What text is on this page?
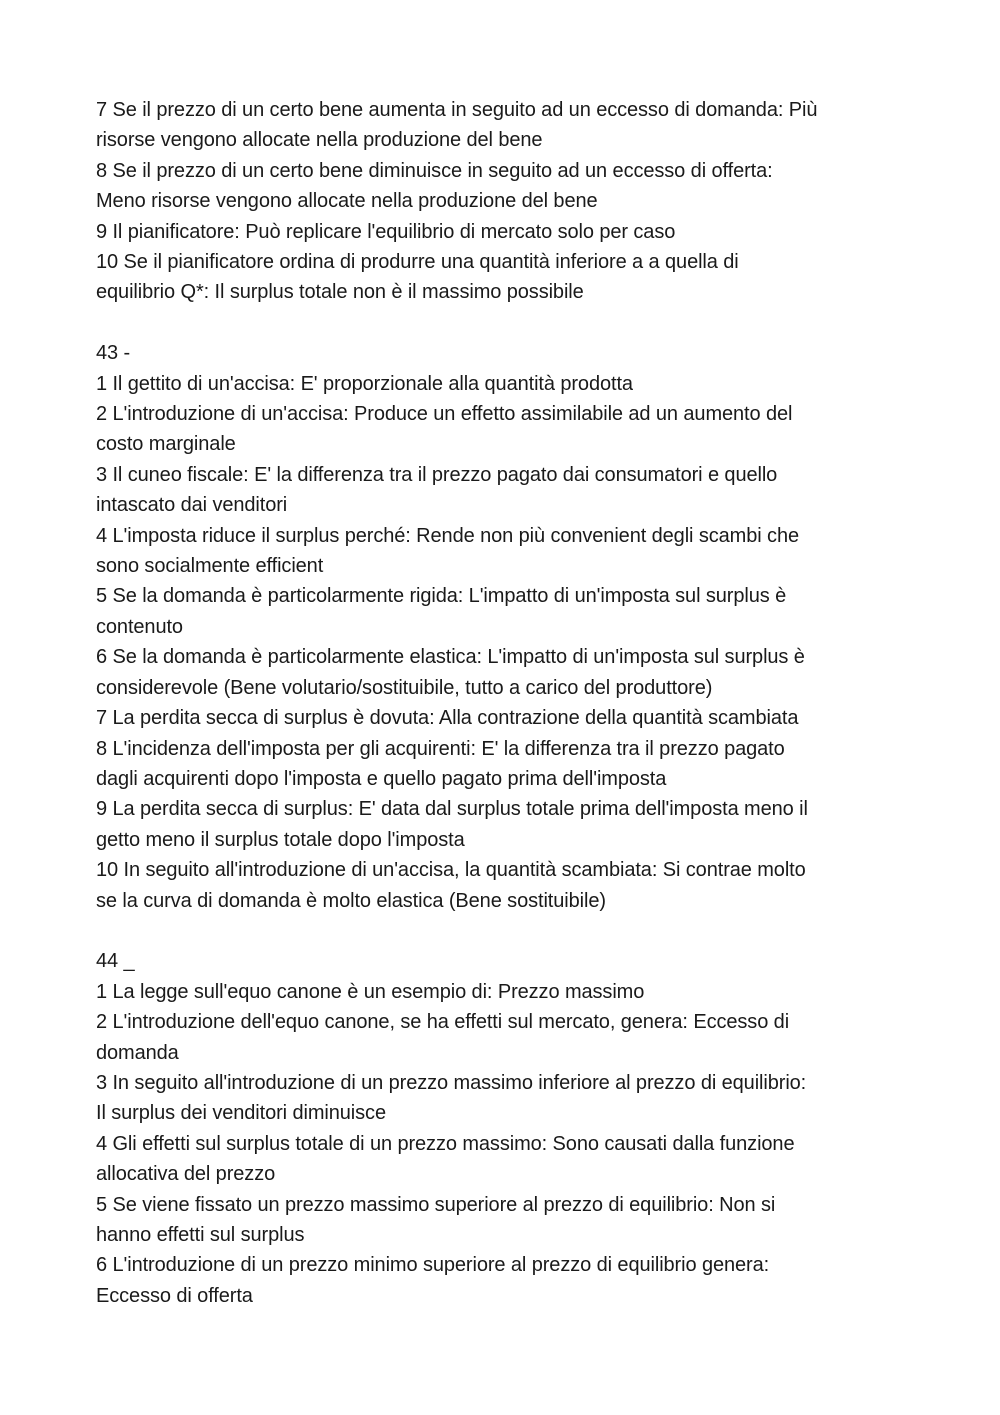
7 Se il prezzo di un certo bene aumenta in seguito ad un eccesso di domanda: Più
risorse vengono allocate nella produzione del bene
8 Se il prezzo di un certo bene diminuisce in seguito ad un eccesso di offerta:
Meno risorse vengono allocate nella produzione del bene
9 Il pianificatore: Può replicare l'equilibrio di mercato solo per caso
10 Se il pianificatore ordina di produrre una quantità inferiore a a quella di
equilibrio Q*: Il surplus totale non è il massimo possibile
43 -
1 Il gettito di un'accisa: E' proporzionale alla quantità prodotta
2 L'introduzione di un'accisa: Produce un effetto assimilabile ad un aumento del
costo marginale
3 Il cuneo fiscale: E' la differenza tra il prezzo pagato dai consumatori e quello
intascato dai venditori
4 L'imposta riduce il surplus perché: Rende non più convenient degli scambi che
sono socialmente efficient
5 Se la domanda è particolarmente rigida: L'impatto di un'imposta sul surplus è
contenuto
6 Se la domanda è particolarmente elastica: L'impatto di un'imposta sul surplus è
considerevole (Bene volutario/sostituibile, tutto a carico del produttore)
7 La perdita secca di surplus è dovuta: Alla contrazione della quantità scambiata
8 L'incidenza dell'imposta per gli acquirenti: E' la differenza tra il prezzo pagato
dagli acquirenti dopo l'imposta e quello pagato prima dell'imposta
9 La perdita secca di surplus: E' data dal surplus totale prima dell'imposta meno il
getto meno il surplus totale dopo l'imposta
10 In seguito all'introduzione di un'accisa, la quantità scambiata: Si contrae molto
se la curva di domanda è molto elastica (Bene sostituibile)
44 _
1 La legge sull'equo canone è un esempio di: Prezzo massimo
2 L'introduzione dell'equo canone, se ha effetti sul mercato, genera: Eccesso di
domanda
3 In seguito all'introduzione di un prezzo massimo inferiore al prezzo di equilibrio:
Il surplus dei venditori diminuisce
4 Gli effetti sul surplus totale di un prezzo massimo: Sono causati dalla funzione
allocativa del prezzo
5 Se viene fissato un prezzo massimo superiore al prezzo di equilibrio: Non si
hanno effetti sul surplus
6 L'introduzione di un prezzo minimo superiore al prezzo di equilibrio genera:
Eccesso di offerta
